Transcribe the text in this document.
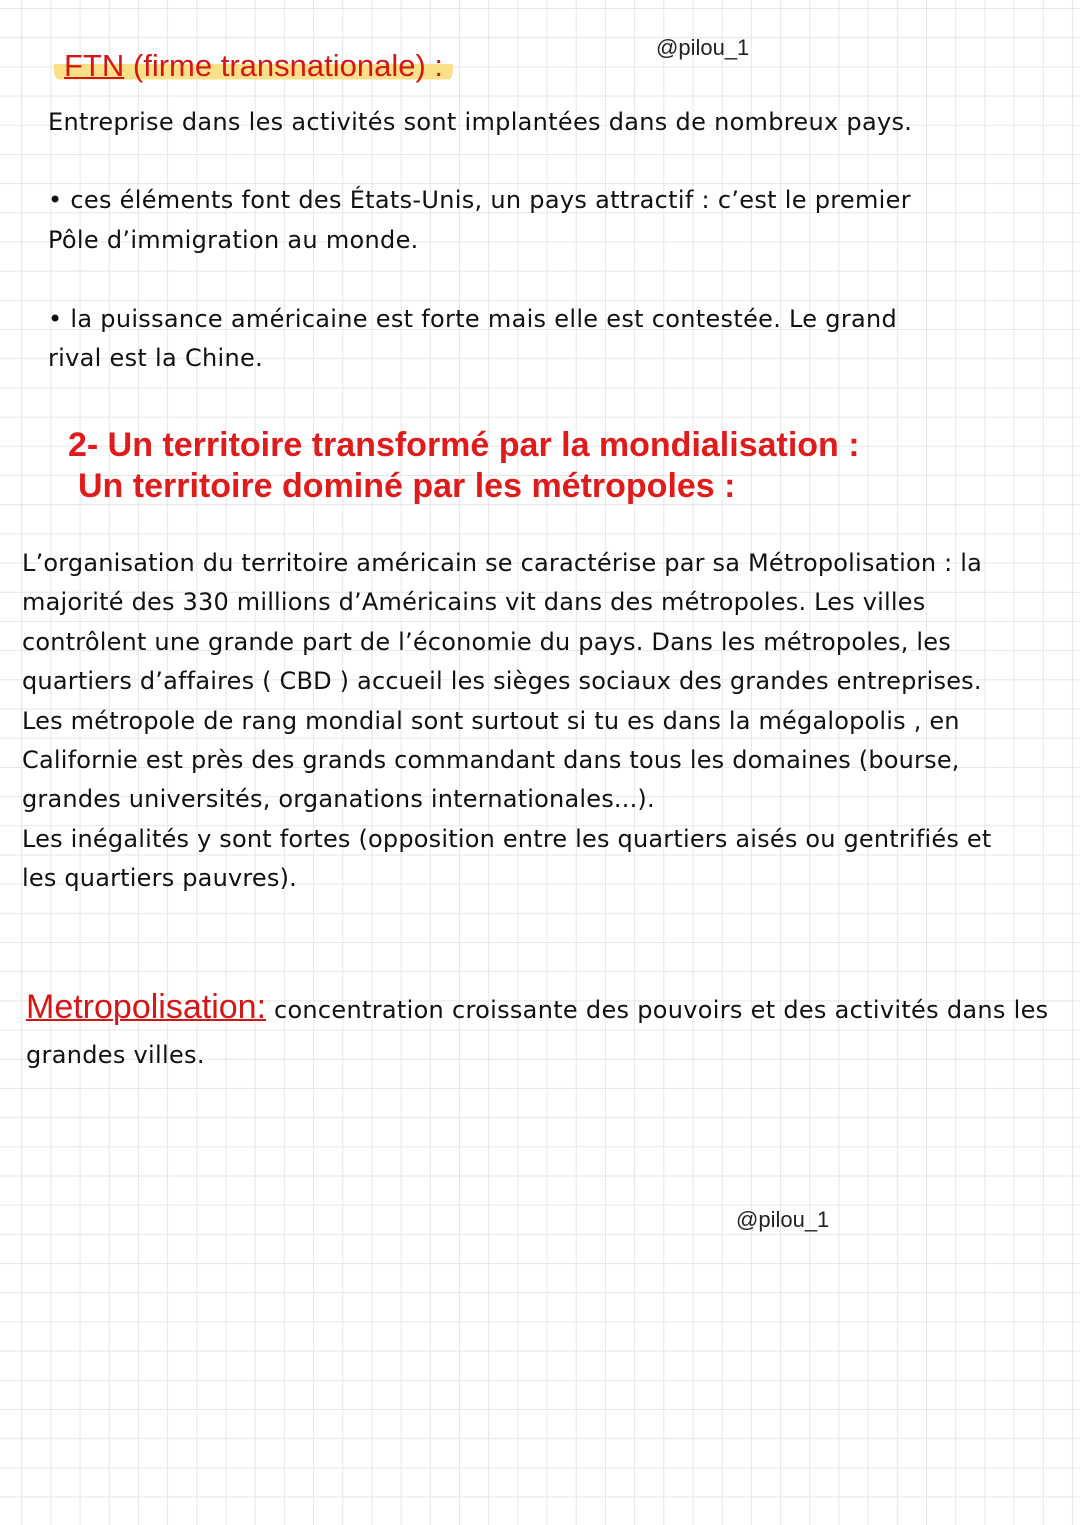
@pilou_1
FTN (firme transnationale) :
Entreprise dans les activités sont implantées dans de nombreux pays.
• ces éléments font des États-Unis, un pays attractif : c’est le premier
Pôle d’immigration au monde.
• la puissance américaine est forte mais elle est contestée. Le grand
rival est la Chine.
2- Un territoire transformé par la mondialisation :
Un territoire dominé par les métropoles :
L’organisation du territoire américain se caractérise par sa Métropolisation : la
majorité des 330 millions d’Américains vit dans des métropoles. Les villes
contrôlent une grande part de l’économie du pays. Dans les métropoles, les
quartiers d’affaires ( CBD ) accueil les sièges sociaux des grandes entreprises.
Les métropole de rang mondial sont surtout si tu es dans la mégalopolis , en
Californie est près des grands commandant dans tous les domaines (bourse,
grandes universités, organations internationales...).
Les inégalités y sont fortes (opposition entre les quartiers aisés ou gentrifiés et
les quartiers pauvres).
Metropolisation: concentration croissante des pouvoirs et des activités dans les
grandes villes.
@pilou_1
